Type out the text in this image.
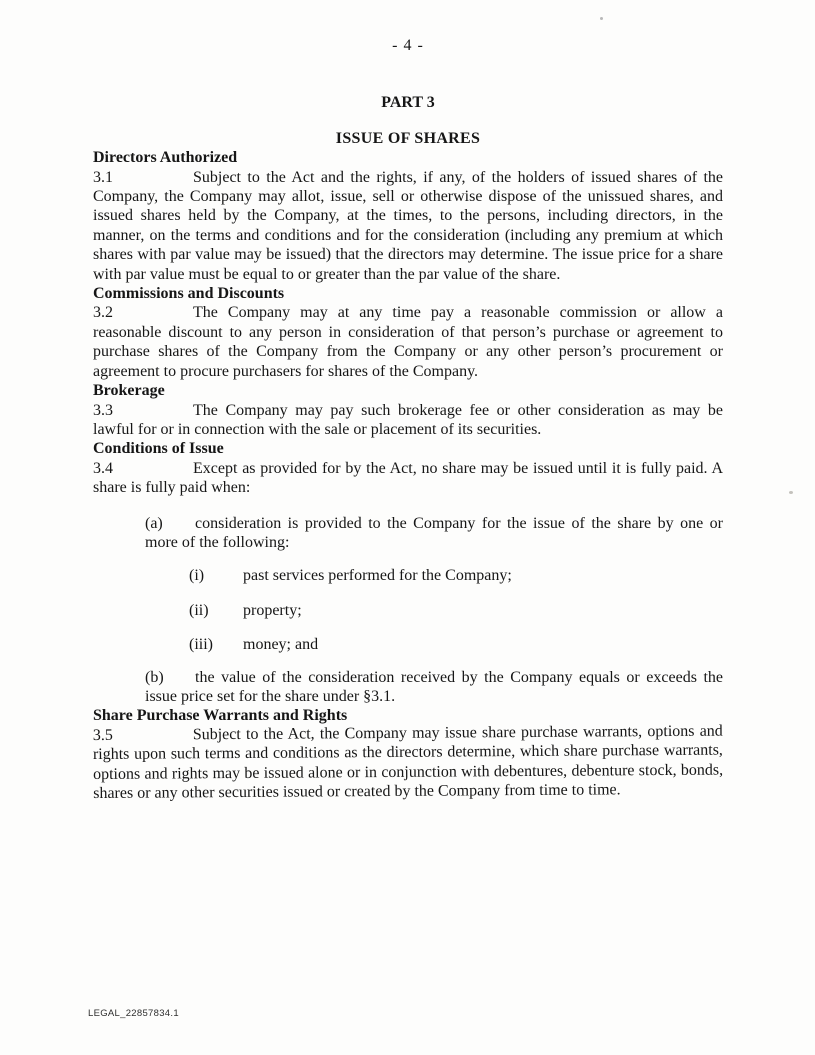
- 4 -

PART 3

ISSUE OF SHARES

Directors Authorized

3.1	Subject to the Act and the rights, if any, of the holders of issued shares of the Company, the Company may allot, issue, sell or otherwise dispose of the unissued shares, and issued shares held by the Company, at the times, to the persons, including directors, in the manner, on the terms and conditions and for the consideration (including any premium at which shares with par value may be issued) that the directors may determine. The issue price for a share with par value must be equal to or greater than the par value of the share.

Commissions and Discounts

3.2	The Company may at any time pay a reasonable commission or allow a reasonable discount to any person in consideration of that person’s purchase or agreement to purchase shares of the Company from the Company or any other person’s procurement or agreement to procure purchasers for shares of the Company.

Brokerage

3.3	The Company may pay such brokerage fee or other consideration as may be lawful for or in connection with the sale or placement of its securities.

Conditions of Issue

3.4	Except as provided for by the Act, no share may be issued until it is fully paid. A share is fully paid when:

(a) consideration is provided to the Company for the issue of the share by one or more of the following:

(i) past services performed for the Company;

(ii) property;

(iii) money; and

(b) the value of the consideration received by the Company equals or exceeds the issue price set for the share under §3.1.

Share Purchase Warrants and Rights

3.5	Subject to the Act, the Company may issue share purchase warrants, options and rights upon such terms and conditions as the directors determine, which share purchase warrants, options and rights may be issued alone or in conjunction with debentures, debenture stock, bonds, shares or any other securities issued or created by the Company from time to time.

LEGAL_22857834.1
